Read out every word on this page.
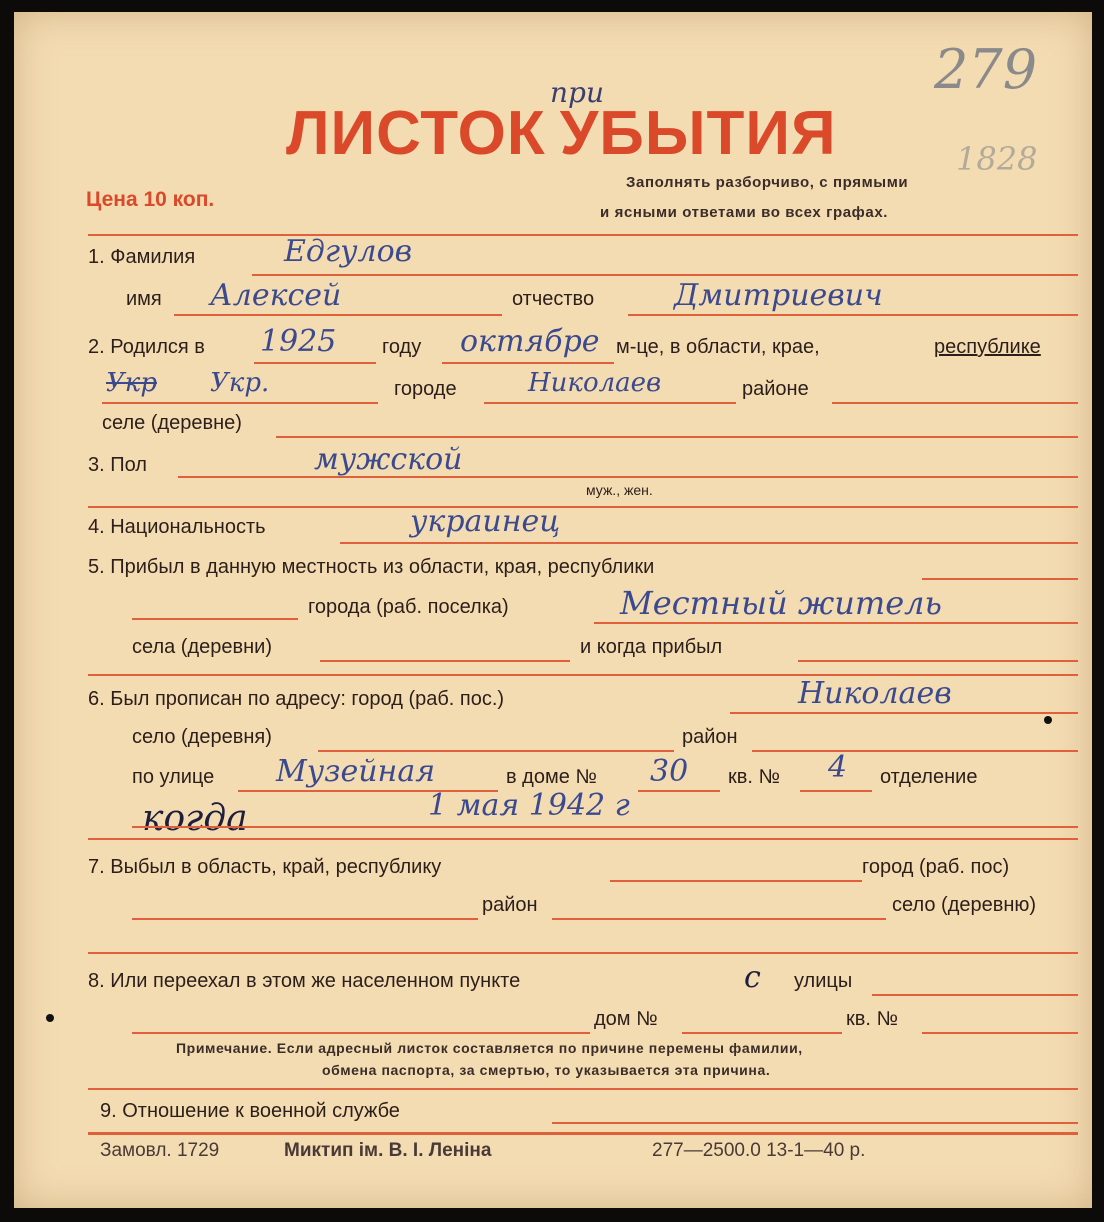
ЛИСТОК УБЫТИЯ
при	279
1828
Цена 10 коп.
Заполнять разборчиво, с прямыми
и ясными ответами во всех графах.
1. Фамилия	Едгулов
имя Алексей	отчество	Дмитриевич
2. Родился в 1925 году октябре м-це, в области, крае,	республике
Укр Укр.	городе	Николаев	районе
селе (деревне)
3. Пол	мужской
муж., жен.
4. Национальность	украинец
5. Прибыл в данную местность из области, края, республики
города (раб. поселка)	Местный житель
села (деревни)	и когда прибыл
6. Был прописан по адресу: город (раб. пос.)	Николаев
село (деревня)	район
по улице Музейная	в доме № 30 кв. № 4 отделение
когда	1 мая 1942 г
7. Выбыл в область, край, республику	город (раб. пос)
район	село (деревню)
8. Или переехал в этом же населенном пункте	с улицы
дом №	кв. №
Примечание. Если адресный листок составляется по причине перемены фамилии,
обмена паспорта, за смертью, то указывается эта причина.
9. Отношение к военной службе
Замовл. 1729	Миктип ім. В. І. Леніна	277—2500.0 13-1—40 р.
